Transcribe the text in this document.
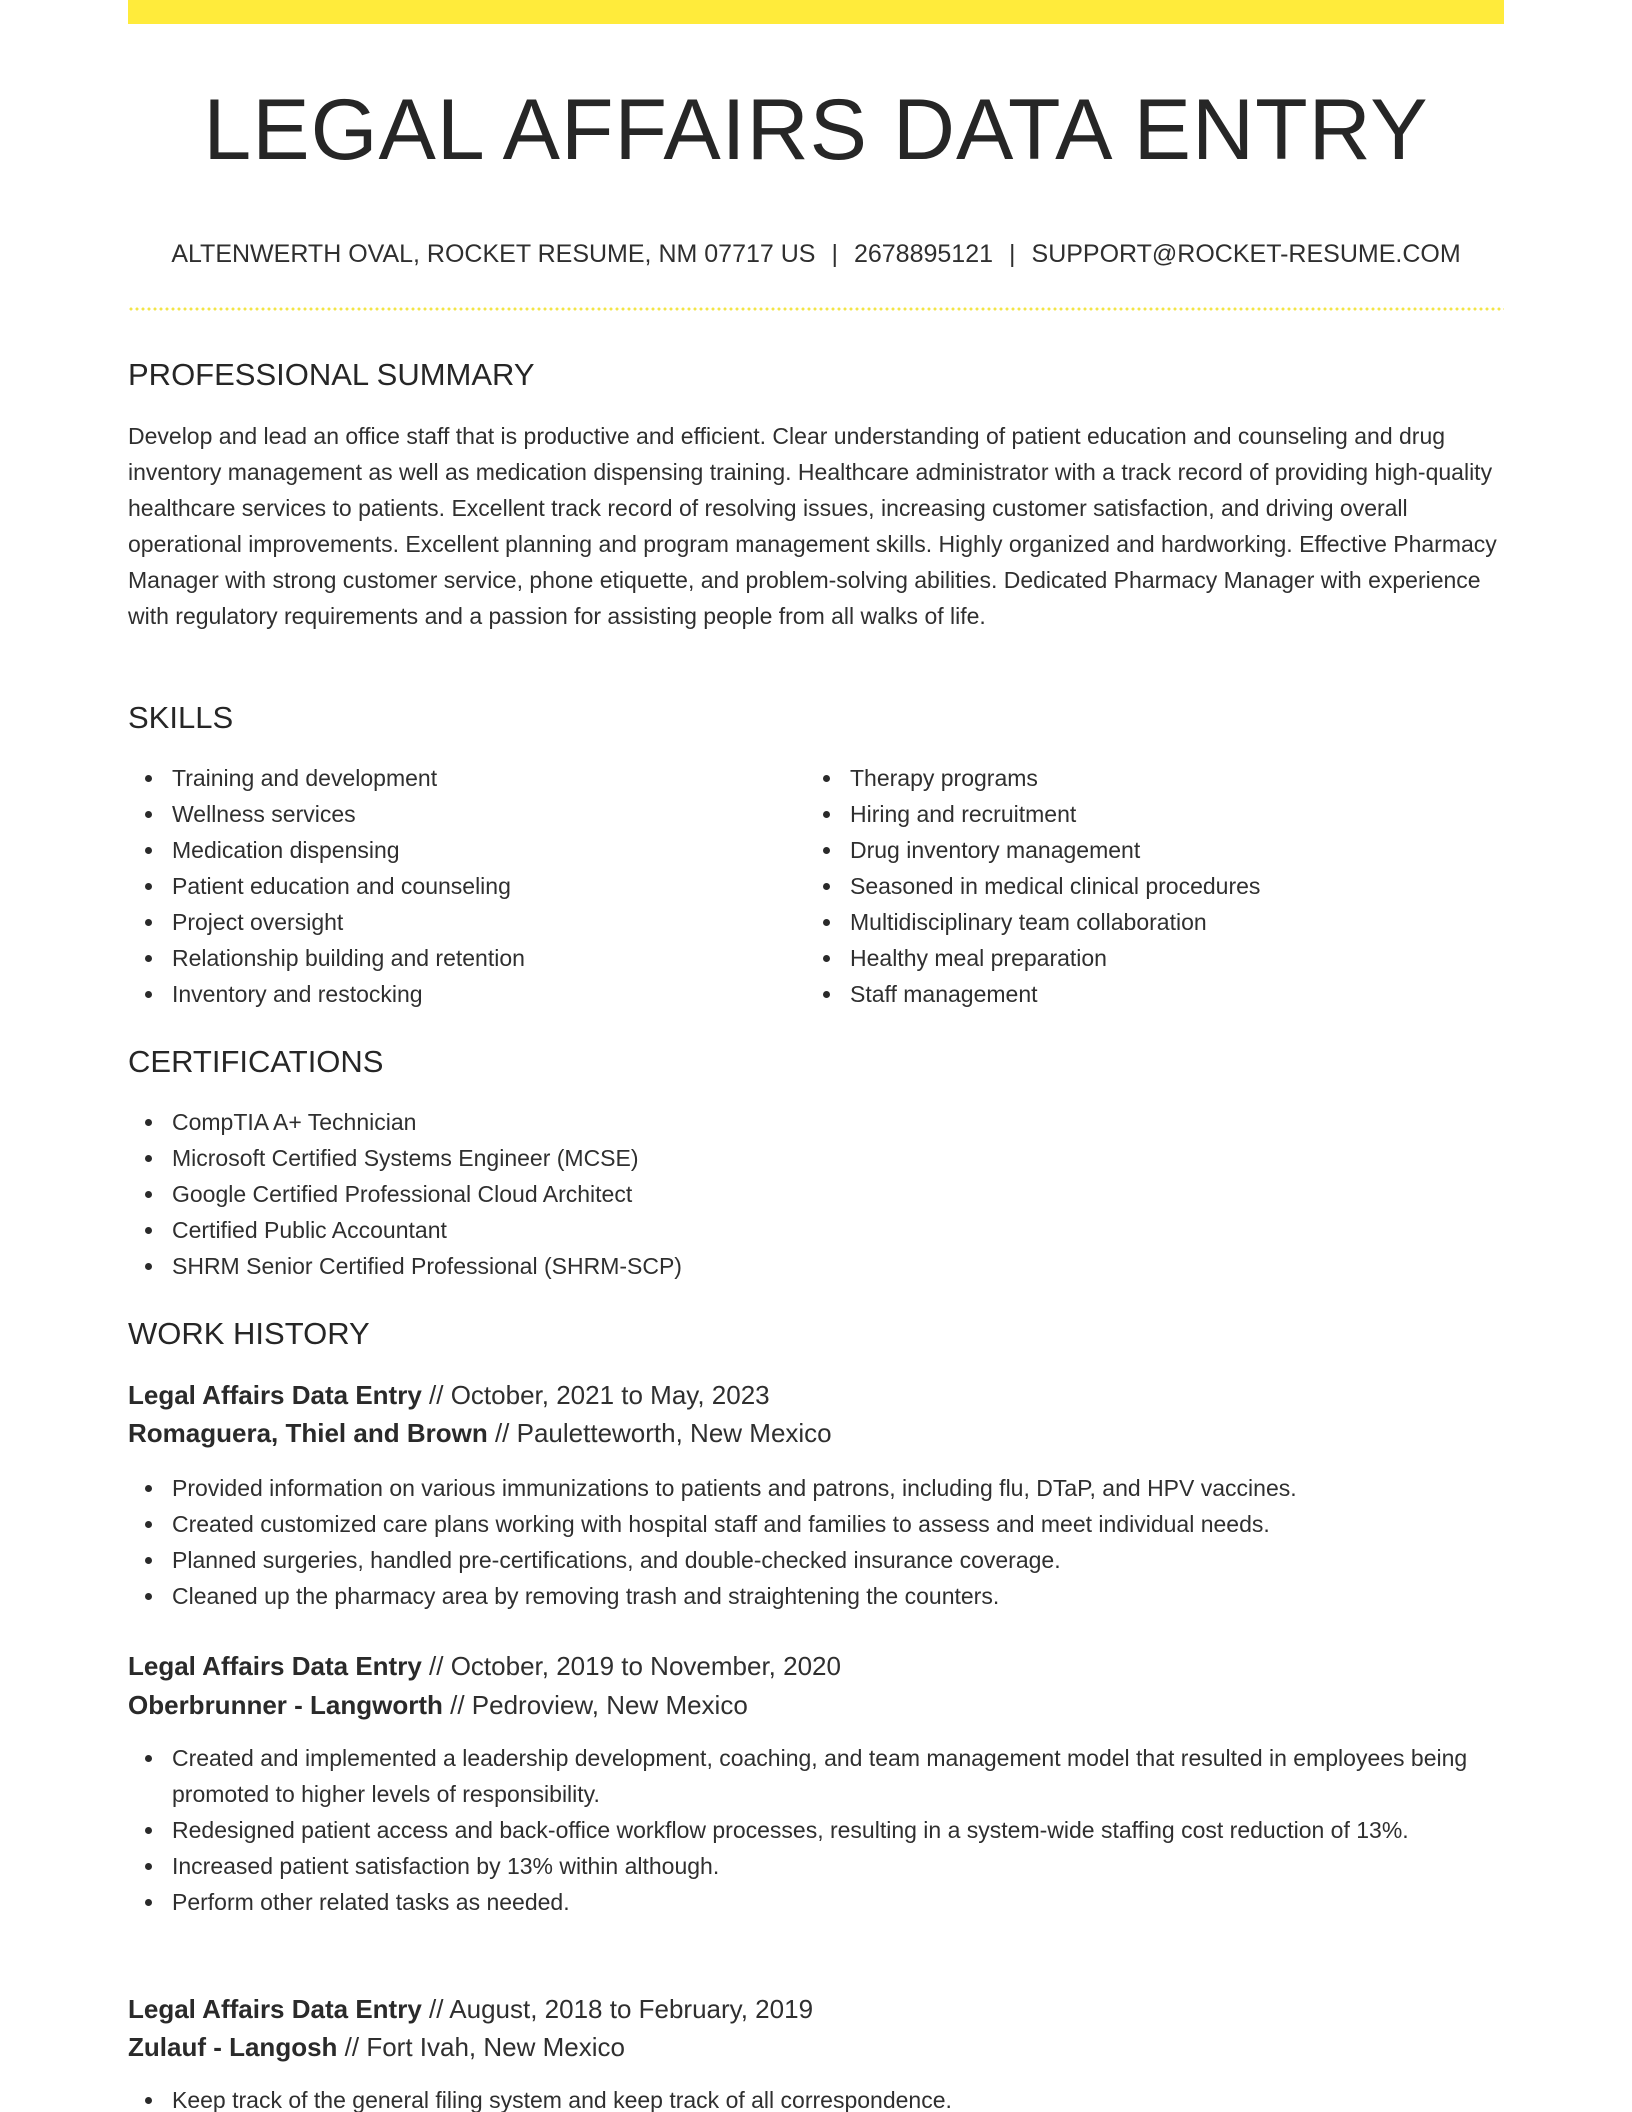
LEGAL AFFAIRS DATA ENTRY
ALTENWERTH OVAL, ROCKET RESUME, NM 07717 US | 2678895121 | SUPPORT@ROCKET-RESUME.COM
PROFESSIONAL SUMMARY

Develop and lead an office staff that is productive and efficient. Clear understanding of patient education and counseling and drug inventory management as well as medication dispensing training. Healthcare administrator with a track record of providing high-quality healthcare services to patients. Excellent track record of resolving issues, increasing customer satisfaction, and driving overall operational improvements. Excellent planning and program management skills. Highly organized and hardworking. Effective Pharmacy Manager with strong customer service, phone etiquette, and problem-solving abilities. Dedicated Pharmacy Manager with experience with regulatory requirements and a passion for assisting people from all walks of life.

SKILLS
Training and development
Wellness services
Medication dispensing
Patient education and counseling
Project oversight
Relationship building and retention
Inventory and restocking
Therapy programs
Hiring and recruitment
Drug inventory management
Seasoned in medical clinical procedures
Multidisciplinary team collaboration
Healthy meal preparation
Staff management
CERTIFICATIONS
CompTIA A+ Technician
Microsoft Certified Systems Engineer (MCSE)
Google Certified Professional Cloud Architect
Certified Public Accountant
SHRM Senior Certified Professional (SHRM-SCP)
WORK HISTORY
Legal Affairs Data Entry // October, 2021 to May, 2023
Romaguera, Thiel and Brown // Pauletteworth, New Mexico
Provided information on various immunizations to patients and patrons, including flu, DTaP, and HPV vaccines.
Created customized care plans working with hospital staff and families to assess and meet individual needs.
Planned surgeries, handled pre-certifications, and double-checked insurance coverage.
Cleaned up the pharmacy area by removing trash and straightening the counters.
Legal Affairs Data Entry // October, 2019 to November, 2020
Oberbrunner - Langworth // Pedroview, New Mexico
Created and implemented a leadership development, coaching, and team management model that resulted in employees being promoted to higher levels of responsibility.
Redesigned patient access and back-office workflow processes, resulting in a system-wide staffing cost reduction of 13%.
Increased patient satisfaction by 13% within although.
Perform other related tasks as needed.
Legal Affairs Data Entry // August, 2018 to February, 2019
Zulauf - Langosh // Fort Ivah, New Mexico
Keep track of the general filing system and keep track of all correspondence.
